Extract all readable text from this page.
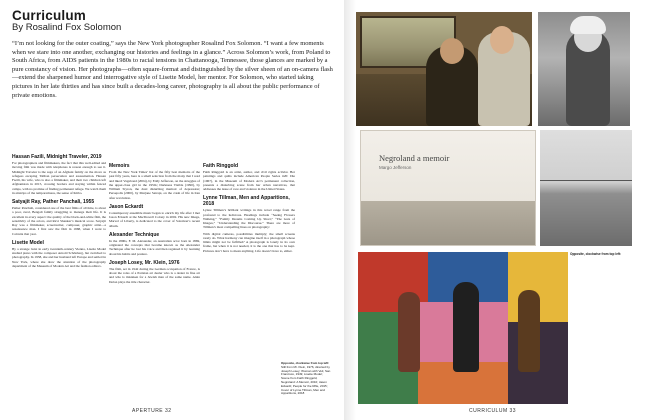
Curriculum
By Rosalind Fox Solomon

“I’m not looking for the outer coating,” says the New York photographer Rosalind Fox Solomon. “I want a few moments when we stare into one another, exchanging our histories and feelings in a glance.” Across Solomon’s work, from Poland to South Africa, from AIDS patients in the 1980s to racial tensions in Chattanooga, Tennessee, those glances are marked by a pure constancy of vision. Her photographs—often square-format and distinguished by the silver sheen of an on-camera flash—extend the sharpened humor and interrogative style of Lisette Model, her mentor. For Solomon, who started taking pictures in her late thirties and has since built a decades-long career, photography is all about the public performance of private emotions.

Hassan Fazili, Midnight Traveler, 2019

For photographers and filmmakers, the fact that this well-edited and moving film was made with telephones is reason enough to see it. Midnight Traveler is the saga of an Afghani family on the move as refugees escaping Taliban persecution and assassination. Hassan Fazili, his wife, who is also a filmmaker, and their two children left Afghanistan in 2015, crossing borders and staying within fenced camps, with no promise of finding permanent refuge. We watch them in airstrips of the temporariness, the sense of limbo.

Satyajit Ray, Pather Panchali, 1955

Pather Panchali, considered one of the best films of all time, is about a poor, rural, Bengali family struggling to manage their life. It is excellent in every aspect: the quality of the black-and-white film, the sensitivity of the actors, and Ravi Shankar’s musical score. Satyajit Ray was a filmmaker, screenwriter, composer, graphic artist—a renaissance man. I first saw the film in 1968, when I went to Calcutta that year.

Lisette Model

By a strange twist in early twentieth-century Vienna, Lisette Model studied piano with the composer Arnold Schönberg, but switched to photography. In 1938, she and her husband left Europe and settled in New York, where she drew the attention of the photography department of the Museum of Modern Art and the fashion editors.

Memoirs

From the New York Times’ list of the fifty best memoirs of the past fifty years, here is a small selection from the many that I read and liked: Vagabond (2004), by Eddy Jefferson, on the struggles of the upper-class girl in the 1950s; Darkness Visible (1990), by William Styron, the dual disturbing memoir of depression; Persepolis (2000), by Marjane Satrapi, on the crash of life in Iran after revolution.

Jason Eckardt

Contemporary ensemble music began to enrich my life after I met Jason Eckardt at the MacDowell Colony in 2002. His new Image, Marvel of Liberty, is dedicated to the cover of Solomon’s recent album.

Alexander Technique

In the 1890s, F. M. Alexander, an Australian actor born in 1869, originated the concepts that became known as the Alexander Technique after he lost his voice and then regained it by learning about his habits and posture.

Joseph Losey, Mr. Klein, 1976

The film, set in 1942 during the German occupation of France, is about the roles of a Parisian art dealer who is a dealer in fine art and who is mistaken for a Jewish man of the same name. Alain Delon plays the title character.

Faith Ringgold

Faith Ringgold is an artist, author, and civil rights activist. Her paintings and quilts include American People Series #20: Die (1967), in the Museum of Modern Art’s permanent collection, presents a disturbing scene from her urban narratives, that addresses the issue of race and violence in the United States.

Lynne Tillman, Men and Apparitions, 2018

Lynne Tillman’s brilliant writings in this novel range from the profound to the ludicrous. Headings include “Seeing Flowers Walking,” “Family Dreams Coming Up Short,” “The Guts of Images,” “Understanding the Discourse.” There are more of Tillman’s most compelling lines on photography:

With digital cameras, possibilities multiply; the small screens rarely do. What harmony can imagine itself in a photograph whose limits might not be fulfilled? A photograph is lonely in its own frame, but when it is not needed, it is the one that has to be kept. Pictures don’t have to mean anything. Life doesn’t have to, either.

APERTURE 32
Opposite, clockwise from top left: Still from Mr. Klein, 1976, directed by Joseph Losey; Woman with Veil, San Francisco, 1949; Lisette Model; Scene from Faith Ringgold, Negroland: A Memoir, 2010; Jason Eckardt; People for the Rifle, 2015; Cover of Lynne Tillman, Men and Apparitions, 2018
Negroland a memoir
Margo Jefferson
Opposite, clockwise from top left:
CURRICULUM 33
